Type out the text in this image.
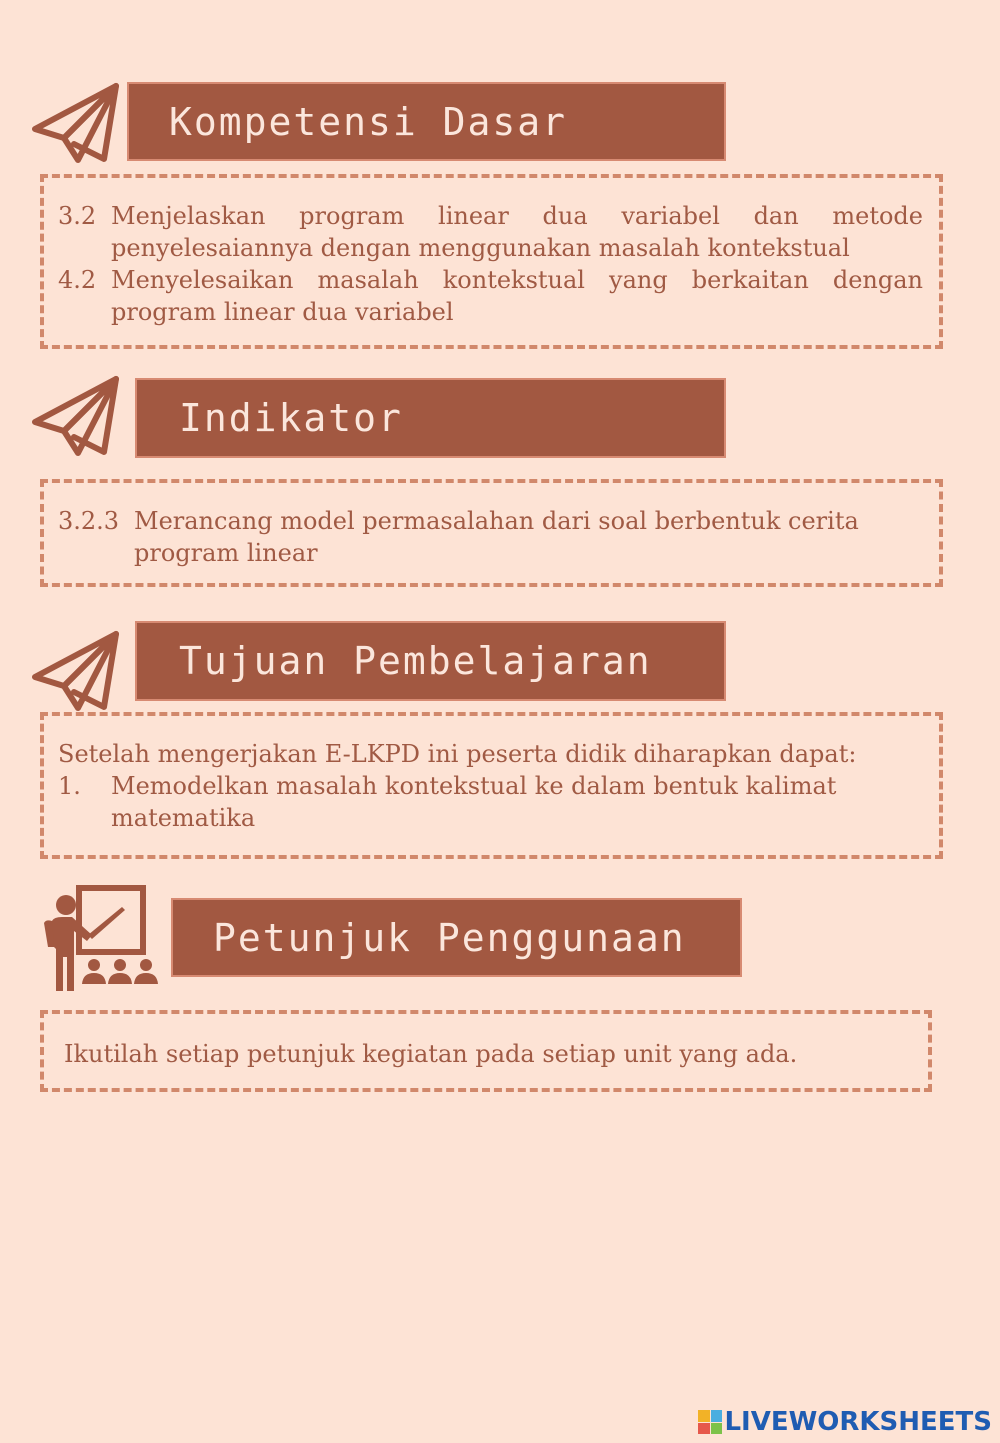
Kompetensi Dasar
3.2 Menjelaskan program linear dua variabel dan metode penyelesaiannya dengan menggunakan masalah kontekstual
4.2 Menyelesaikan masalah kontekstual yang berkaitan dengan program linear dua variabel
Indikator
3.2.3 Merancang model permasalahan dari soal berbentuk cerita program linear
Tujuan Pembelajaran
Setelah mengerjakan E-LKPD ini peserta didik diharapkan dapat:
1. Memodelkan masalah kontekstual ke dalam bentuk kalimat matematika
Petunjuk Penggunaan
Ikutilah setiap petunjuk kegiatan pada setiap unit yang ada.
LIVEWORKSHEETS
